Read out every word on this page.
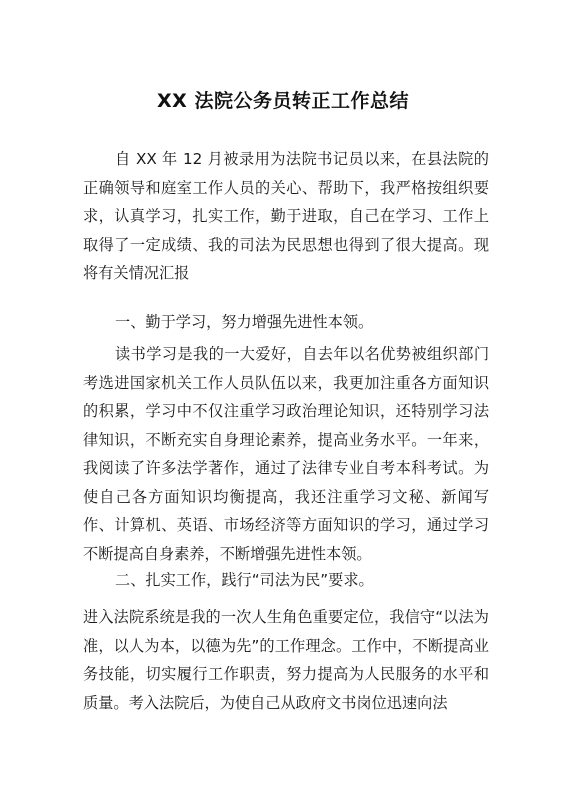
XX 法院公务员转正工作总结
自 XX 年 12 月被录用为法院书记员以来，在县法院的正确领导和庭室工作人员的关心、帮助下，我严格按组织要求，认真学习，扎实工作，勤于进取，自己在学习、工作上取得了一定成绩、我的司法为民思想也得到了很大提高。现将有关情况汇报
一、勤于学习，努力增强先进性本领。
读书学习是我的一大爱好，自去年以名优势被组织部门考选进国家机关工作人员队伍以来，我更加注重各方面知识的积累，学习中不仅注重学习政治理论知识，还特别学习法律知识，不断充实自身理论素养，提高业务水平。一年来，我阅读了许多法学著作，通过了法律专业自考本科考试。为使自己各方面知识均衡提高，我还注重学习文秘、新闻写作、计算机、英语、市场经济等方面知识的学习，通过学习不断提高自身素养，不断增强先进性本领。
二、扎实工作，践行“司法为民”要求。
进入法院系统是我的一次人生角色重要定位，我信守“以法为准，以人为本，以德为先”的工作理念。工作中，不断提高业务技能，切实履行工作职责，努力提高为人民服务的水平和质量。考入法院后，为使自己从政府文书岗位迅速向法
